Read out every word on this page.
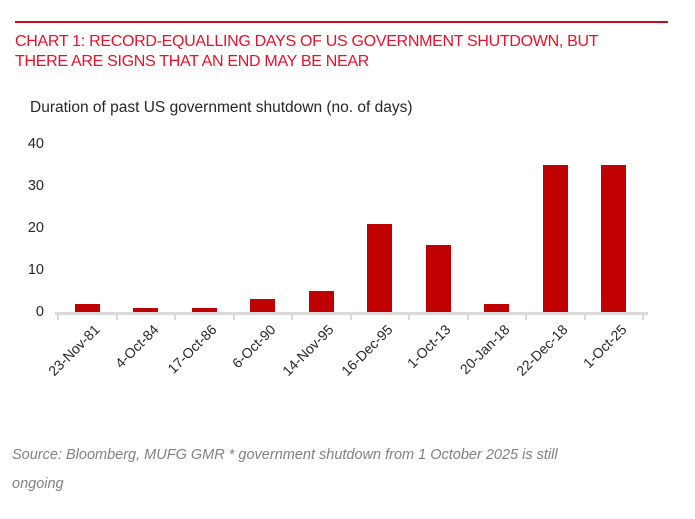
CHART 1: RECORD-EQUALLING DAYS OF US GOVERNMENT SHUTDOWN, BUT
THERE ARE SIGNS THAT AN END MAY BE NEAR
Duration of past US government shutdown (no. of days)
0
10
20
30
40
23-Nov-81 4-Oct-84 17-Oct-86 6-Oct-90 14-Nov-95 16-Dec-95 1-Oct-13 20-Jan-18 22-Dec-18 1-Oct-25
Source: Bloomberg, MUFG GMR * government shutdown from 1 October 2025 is still
ongoing
